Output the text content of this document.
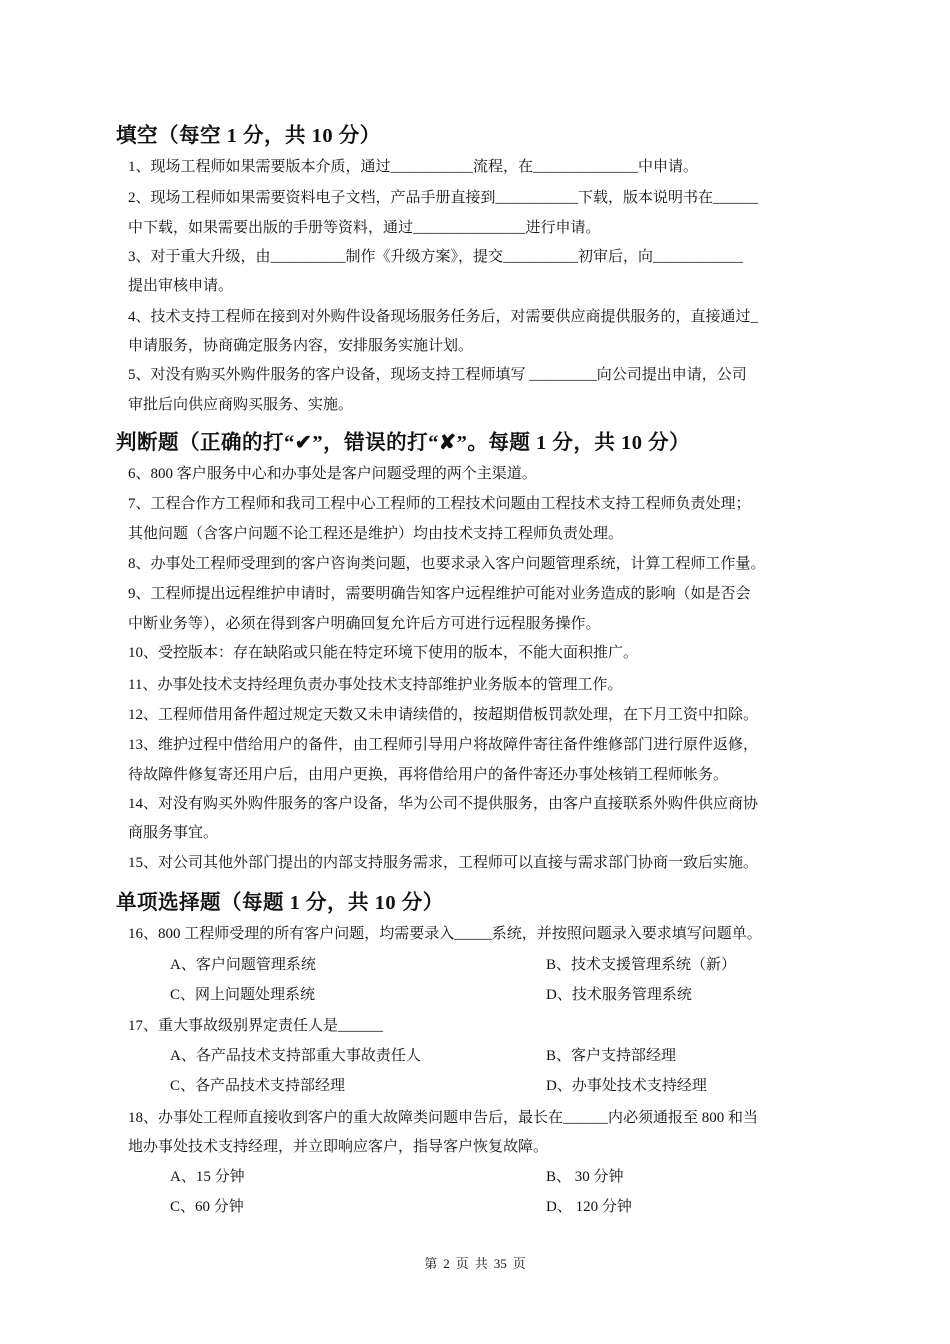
填空（每空 1 分，共 10 分）
1、现场工程师如果需要版本介质，通过___________流程，在______________中申请。
2、现场工程师如果需要资料电子文档，产品手册直接到___________下载，版本说明书在______
中下载，如果需要出版的手册等资料，通过_______________进行申请。
3、对于重大升级，由__________制作《升级方案》，提交__________初审后，向____________
提出审核申请。
4、技术支持工程师在接到对外购件设备现场服务任务后，对需要供应商提供服务的，直接通过_
申请服务，协商确定服务内容，安排服务实施计划。
5、对没有购买外购件服务的客户设备，现场支持工程师填写 _________向公司提出申请，公司
审批后向供应商购买服务、实施。
判断题（正确的打“✔”，错误的打“✘”。每题 1 分，共 10 分）
6、800 客户服务中心和办事处是客户问题受理的两个主渠道。
7、工程合作方工程师和我司工程中心工程师的工程技术问题由工程技术支持工程师负责处理；
其他问题（含客户问题不论工程还是维护）均由技术支持工程师负责处理。
8、办事处工程师受理到的客户咨询类问题，也要求录入客户问题管理系统，计算工程师工作量。
9、工程师提出远程维护申请时，需要明确告知客户远程维护可能对业务造成的影响（如是否会
中断业务等），必须在得到客户明确回复允许后方可进行远程服务操作。
10、受控版本：存在缺陷或只能在特定环境下使用的版本，不能大面积推广。
11、办事处技术支持经理负责办事处技术支持部维护业务版本的管理工作。
12、工程师借用备件超过规定天数又未申请续借的，按超期借板罚款处理，在下月工资中扣除。
13、维护过程中借给用户的备件，由工程师引导用户将故障件寄往备件维修部门进行原件返修，
待故障件修复寄还用户后，由用户更换，再将借给用户的备件寄还办事处核销工程师帐务。
14、对没有购买外购件服务的客户设备，华为公司不提供服务，由客户直接联系外购件供应商协
商服务事宜。
15、对公司其他外部门提出的内部支持服务需求，工程师可以直接与需求部门协商一致后实施。
单项选择题（每题 1 分，共 10 分）
16、800 工程师受理的所有客户问题，均需要录入_____系统，并按照问题录入要求填写问题单。
A、客户问题管理系统	B、技术支援管理系统（新）
C、网上问题处理系统	D、技术服务管理系统
17、重大事故级别界定责任人是______
A、各产品技术支持部重大事故责任人	B、客户支持部经理
C、各产品技术支持部经理	D、办事处技术支持经理
18、办事处工程师直接收到客户的重大故障类问题申告后，最长在______内必须通报至 800 和当
地办事处技术支持经理，并立即响应客户，指导客户恢复故障。
A、15 分钟	B、 30 分钟
C、60 分钟	D、 120 分钟
第 2 页 共 35 页
